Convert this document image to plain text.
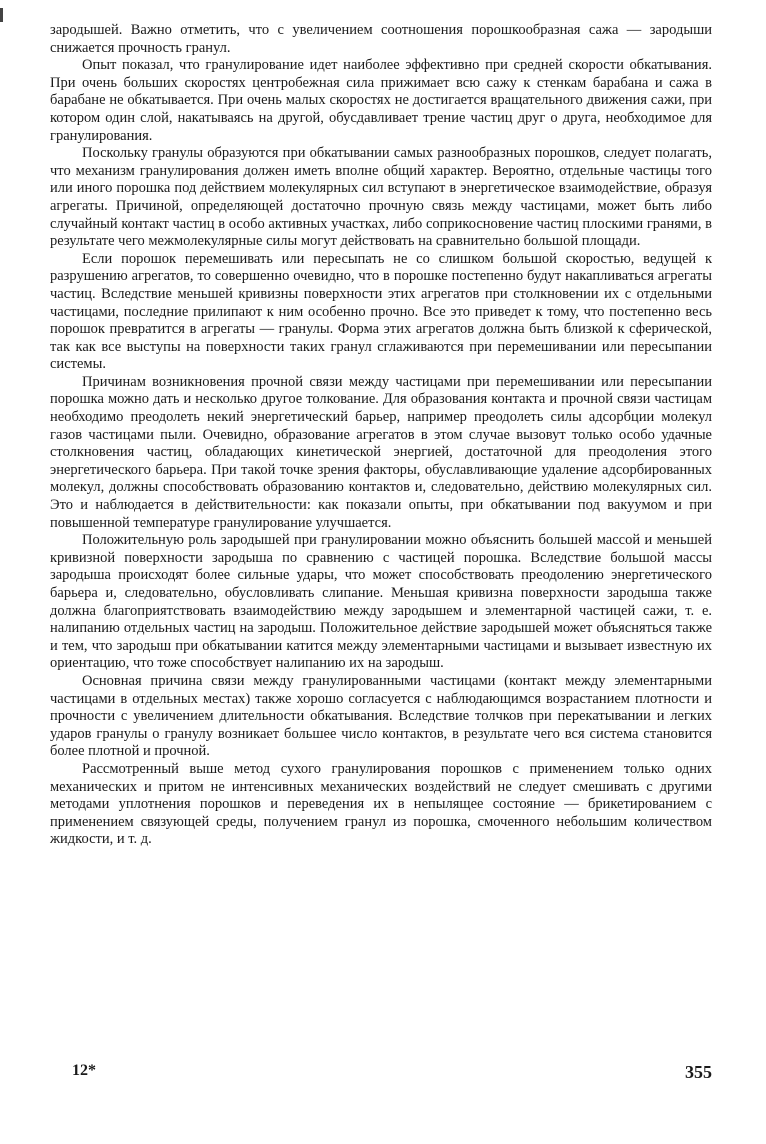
зародышей. Важно отметить, что с увеличением соотношения порошкообразная сажа — зародыши снижается прочность гранул.

Опыт показал, что гранулирование идет наиболее эффективно при средней скорости обкатывания. При очень больших скоростях центробежная сила прижимает всю сажу к стенкам барабана и сажа в барабане не обкатывается. При очень малых скоростях не достигается вращательного движения сажи, при котором один слой, накатываясь на другой, обусдавливает трение частиц друг о друга, необходимое для гранулирования.

Поскольку гранулы образуются при обкатывании самых разнообразных порошков, следует полагать, что механизм гранулирования должен иметь вполне общий характер. Вероятно, отдельные частицы того или иного порошка под действием молекулярных сил вступают в энергетическое взаимодействие, образуя агрегаты. Причиной, определяющей достаточно прочную связь между частицами, может быть либо случайный контакт частиц в особо активных участках, либо соприкосновение частиц плоскими гранями, в результате чего межмолекулярные силы могут действовать на сравнительно большой площади.

Если порошок перемешивать или пересыпать не со слишком большой скоростью, ведущей к разрушению агрегатов, то совершенно очевидно, что в порошке постепенно будут накапливаться агрегаты частиц. Вследствие меньшей кривизны поверхности этих агрегатов при столкновении их с отдельными частицами, последние прилипают к ним особенно прочно. Все это приведет к тому, что постепенно весь порошок превратится в агрегаты — гранулы. Форма этих агрегатов должна быть близкой к сферической, так как все выступы на поверхности таких гранул сглаживаются при перемешивании или пересыпании системы.

Причинам возникновения прочной связи между частицами при перемешивании или пересыпании порошка можно дать и несколько другое толкование. Для образования контакта и прочной связи частицам необходимо преодолеть некий энергетический барьер, например преодолеть силы адсорбции молекул газов частицами пыли. Очевидно, образование агрегатов в этом случае вызовут только особо удачные столкновения частиц, обладающих кинетической энергией, достаточной для преодоления этого энергетического барьера. При такой точке зрения факторы, обуславливающие удаление адсорбированных молекул, должны способствовать образованию контактов и, следовательно, действию молекулярных сил. Это и наблюдается в действительности: как показали опыты, при обкатывании под вакуумом и при повышенной температуре гранулирование улучшается.

Положительную роль зародышей при гранулировании можно объяснить большей массой и меньшей кривизной поверхности зародыша по сравнению с частицей порошка. Вследствие большой массы зародыша происходят более сильные удары, что может способствовать преодолению энергетического барьера и, следовательно, обусловливать слипание. Меньшая кривизна поверхности зародыша также должна благоприятствовать взаимодействию между зародышем и элементарной частицей сажи, т. е. налипанию отдельных частиц на зародыш. Положительное действие зародышей может объясняться также и тем, что зародыш при обкатывании катится между элементарными частицами и вызывает известную их ориентацию, что тоже способствует налипанию их на зародыш.

Основная причина связи между гранулированными частицами (контакт между элементарными частицами в отдельных местах) также хорошо согласуется с наблюдающимся возрастанием плотности и прочности с увеличением длительности обкатывания. Вследствие толчков при перекатывании и легких ударов гранулы о гранулу возникает большее число контактов, в результате чего вся система становится более плотной и прочной.

Рассмотренный выше метод сухого гранулирования порошков с применением только одних механических и притом не интенсивных механических воздействий не следует смешивать с другими методами уплотнения порошков и переведения их в непылящее состояние — брикетированием с применением связующей среды, получением гранул из порошка, смоченного небольшим количеством жидкости, и т. д.

12*	355
